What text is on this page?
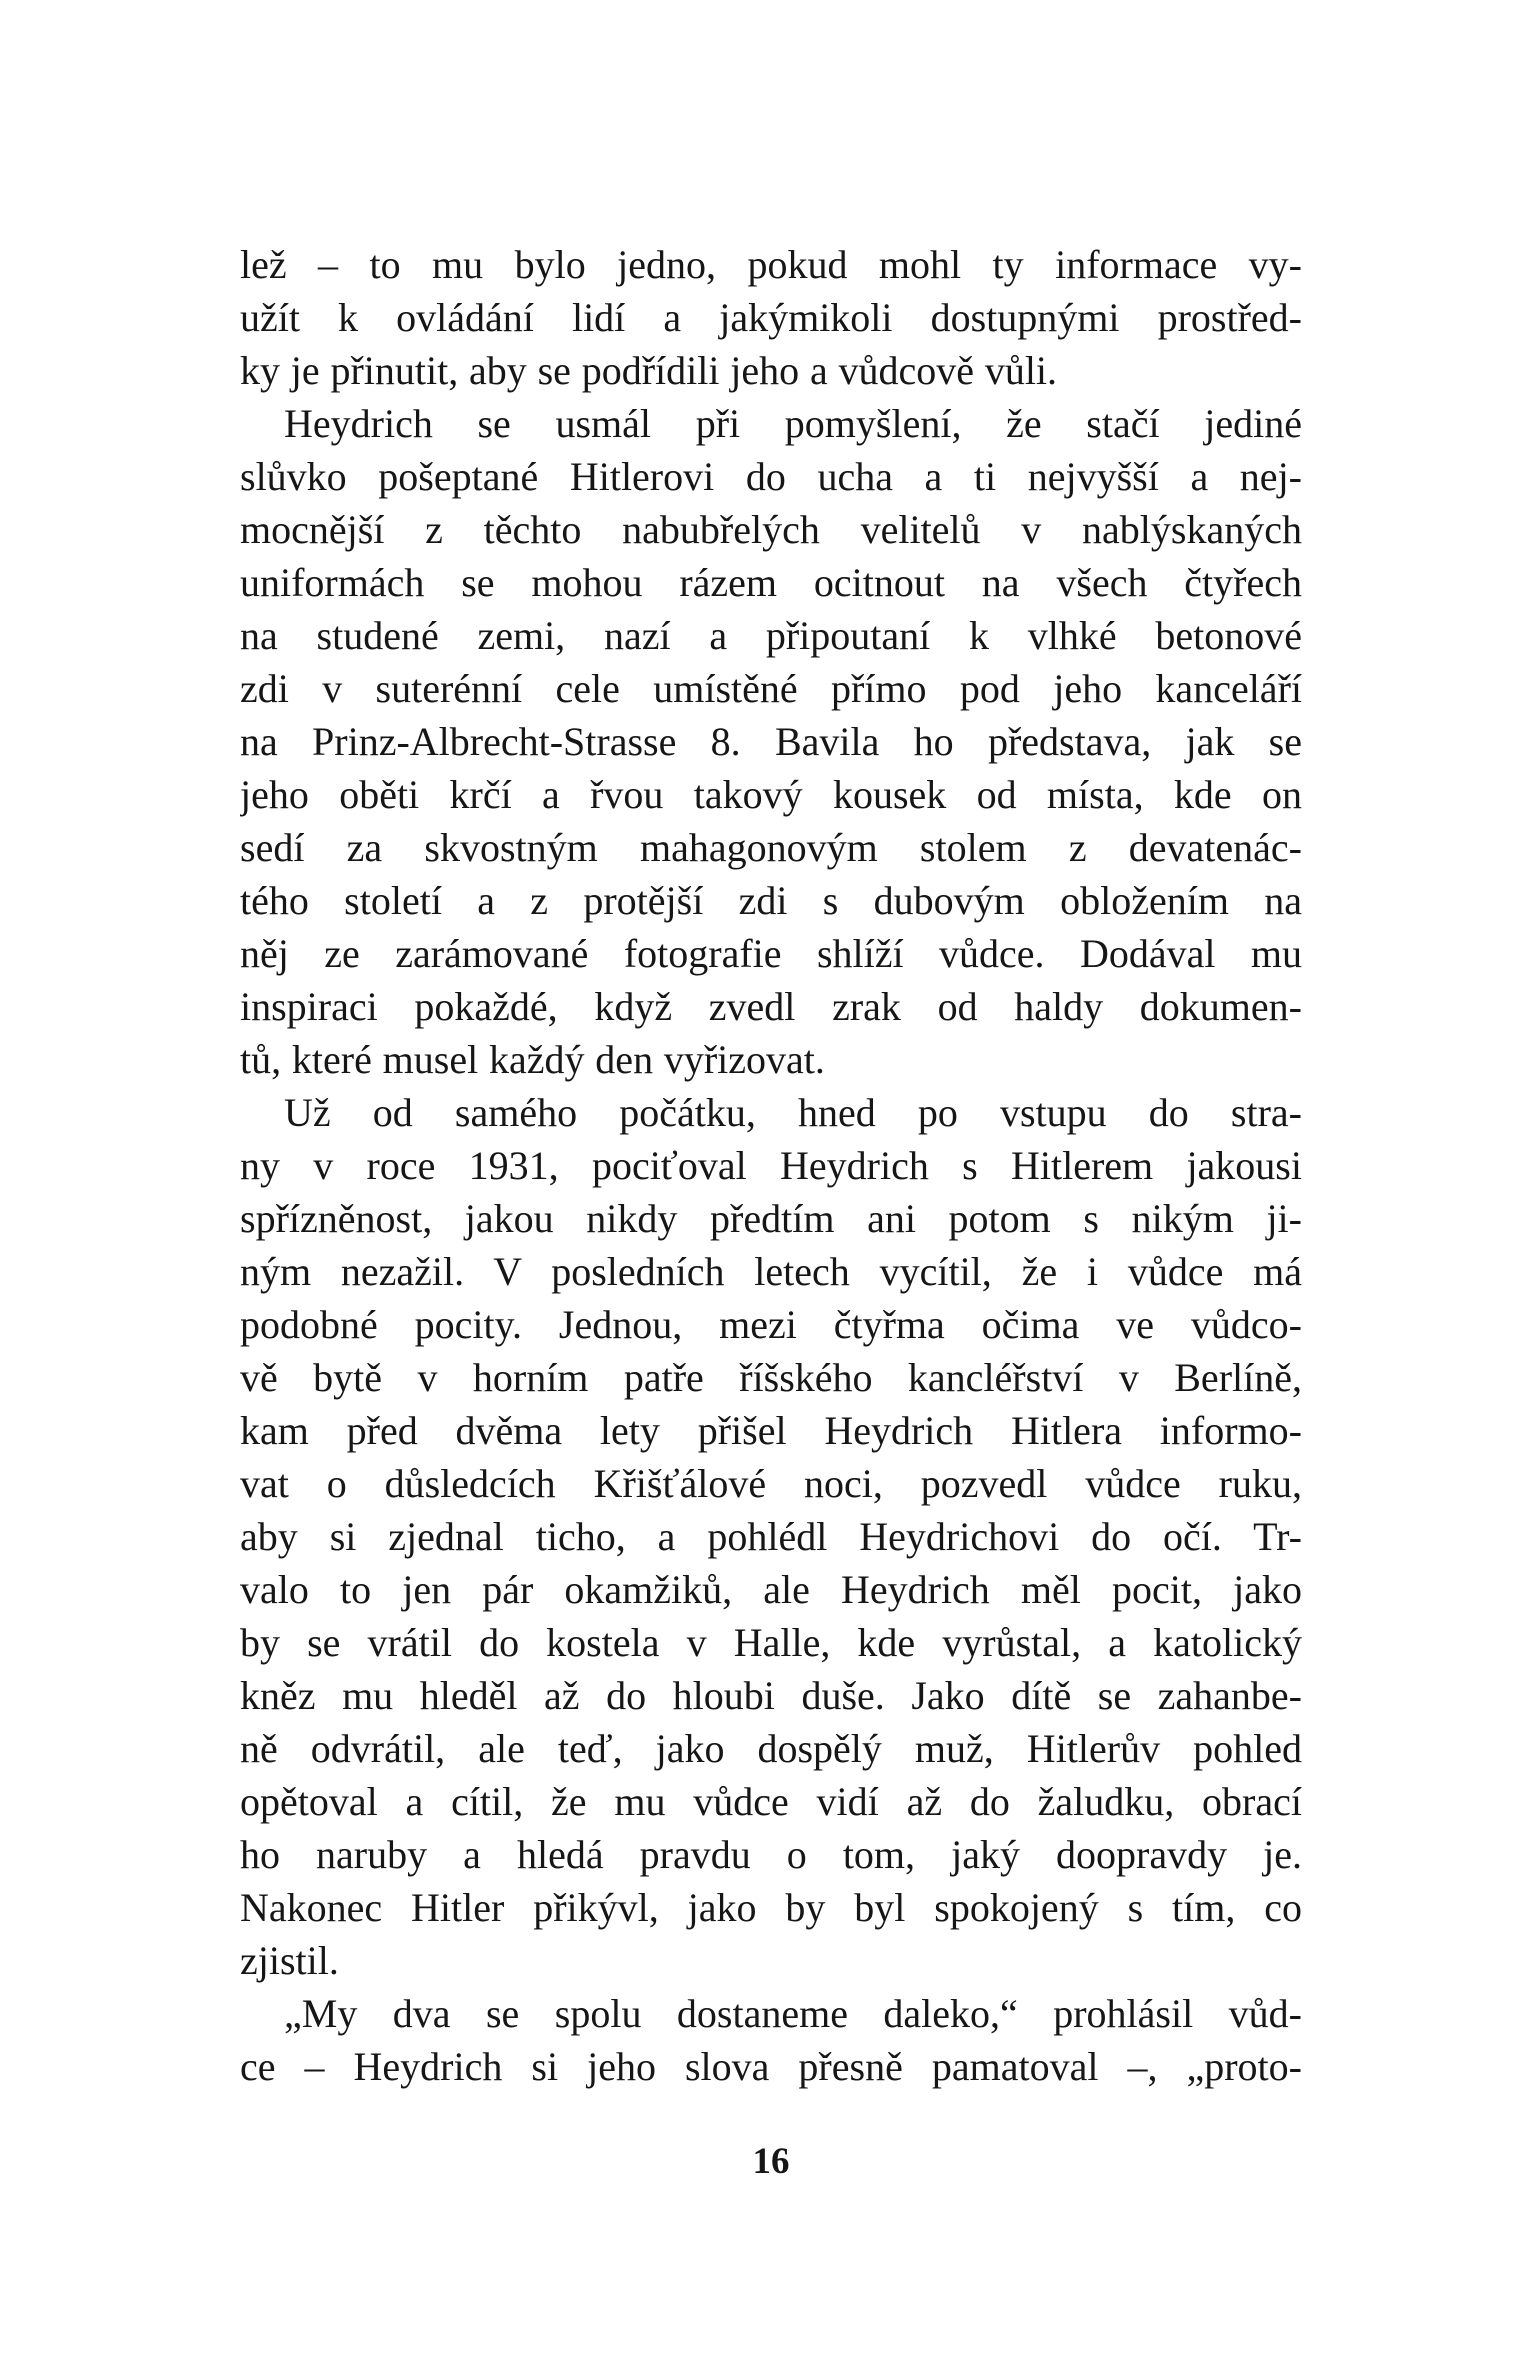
lež – to mu bylo jedno, pokud mohl ty informace vy-
užít k ovládání lidí a jakýmikoli dostupnými prostřed-
ky je přinutit, aby se podřídili jeho a vůdcově vůli.
Heydrich se usmál při pomyšlení, že stačí jediné
slůvko pošeptané Hitlerovi do ucha a ti nejvyšší a nej-
mocnější z těchto nabubřelých velitelů v nablýskaných
uniformách se mohou rázem ocitnout na všech čtyřech
na studené zemi, nazí a připoutaní k vlhké betonové
zdi v suterénní cele umístěné přímo pod jeho kanceláří
na Prinz-Albrecht-Strasse 8. Bavila ho představa, jak se
jeho oběti krčí a řvou takový kousek od místa, kde on
sedí za skvostným mahagonovým stolem z devatenác-
tého století a z protější zdi s dubovým obložením na
něj ze zarámované fotografie shlíží vůdce. Dodával mu
inspiraci pokaždé, když zvedl zrak od haldy dokumen-
tů, které musel každý den vyřizovat.
Už od samého počátku, hned po vstupu do stra-
ny v roce 1931, pociťoval Heydrich s Hitlerem jakousi
spřízněnost, jakou nikdy předtím ani potom s nikým ji-
ným nezažil. V posledních letech vycítil, že i vůdce má
podobné pocity. Jednou, mezi čtyřma očima ve vůdco-
vě bytě v horním patře říšského kancléřství v Berlíně,
kam před dvěma lety přišel Heydrich Hitlera informo-
vat o důsledcích Křišťálové noci, pozvedl vůdce ruku,
aby si zjednal ticho, a pohlédl Heydrichovi do očí. Tr-
valo to jen pár okamžiků, ale Heydrich měl pocit, jako
by se vrátil do kostela v Halle, kde vyrůstal, a katolický
kněz mu hleděl až do hloubi duše. Jako dítě se zahanbe-
ně odvrátil, ale teď, jako dospělý muž, Hitlerův pohled
opětoval a cítil, že mu vůdce vidí až do žaludku, obrací
ho naruby a hledá pravdu o tom, jaký doopravdy je.
Nakonec Hitler přikývl, jako by byl spokojený s tím, co
zjistil.
„My dva se spolu dostaneme daleko,“ prohlásil vůd-
ce – Heydrich si jeho slova přesně pamatoval –, „proto-
16
